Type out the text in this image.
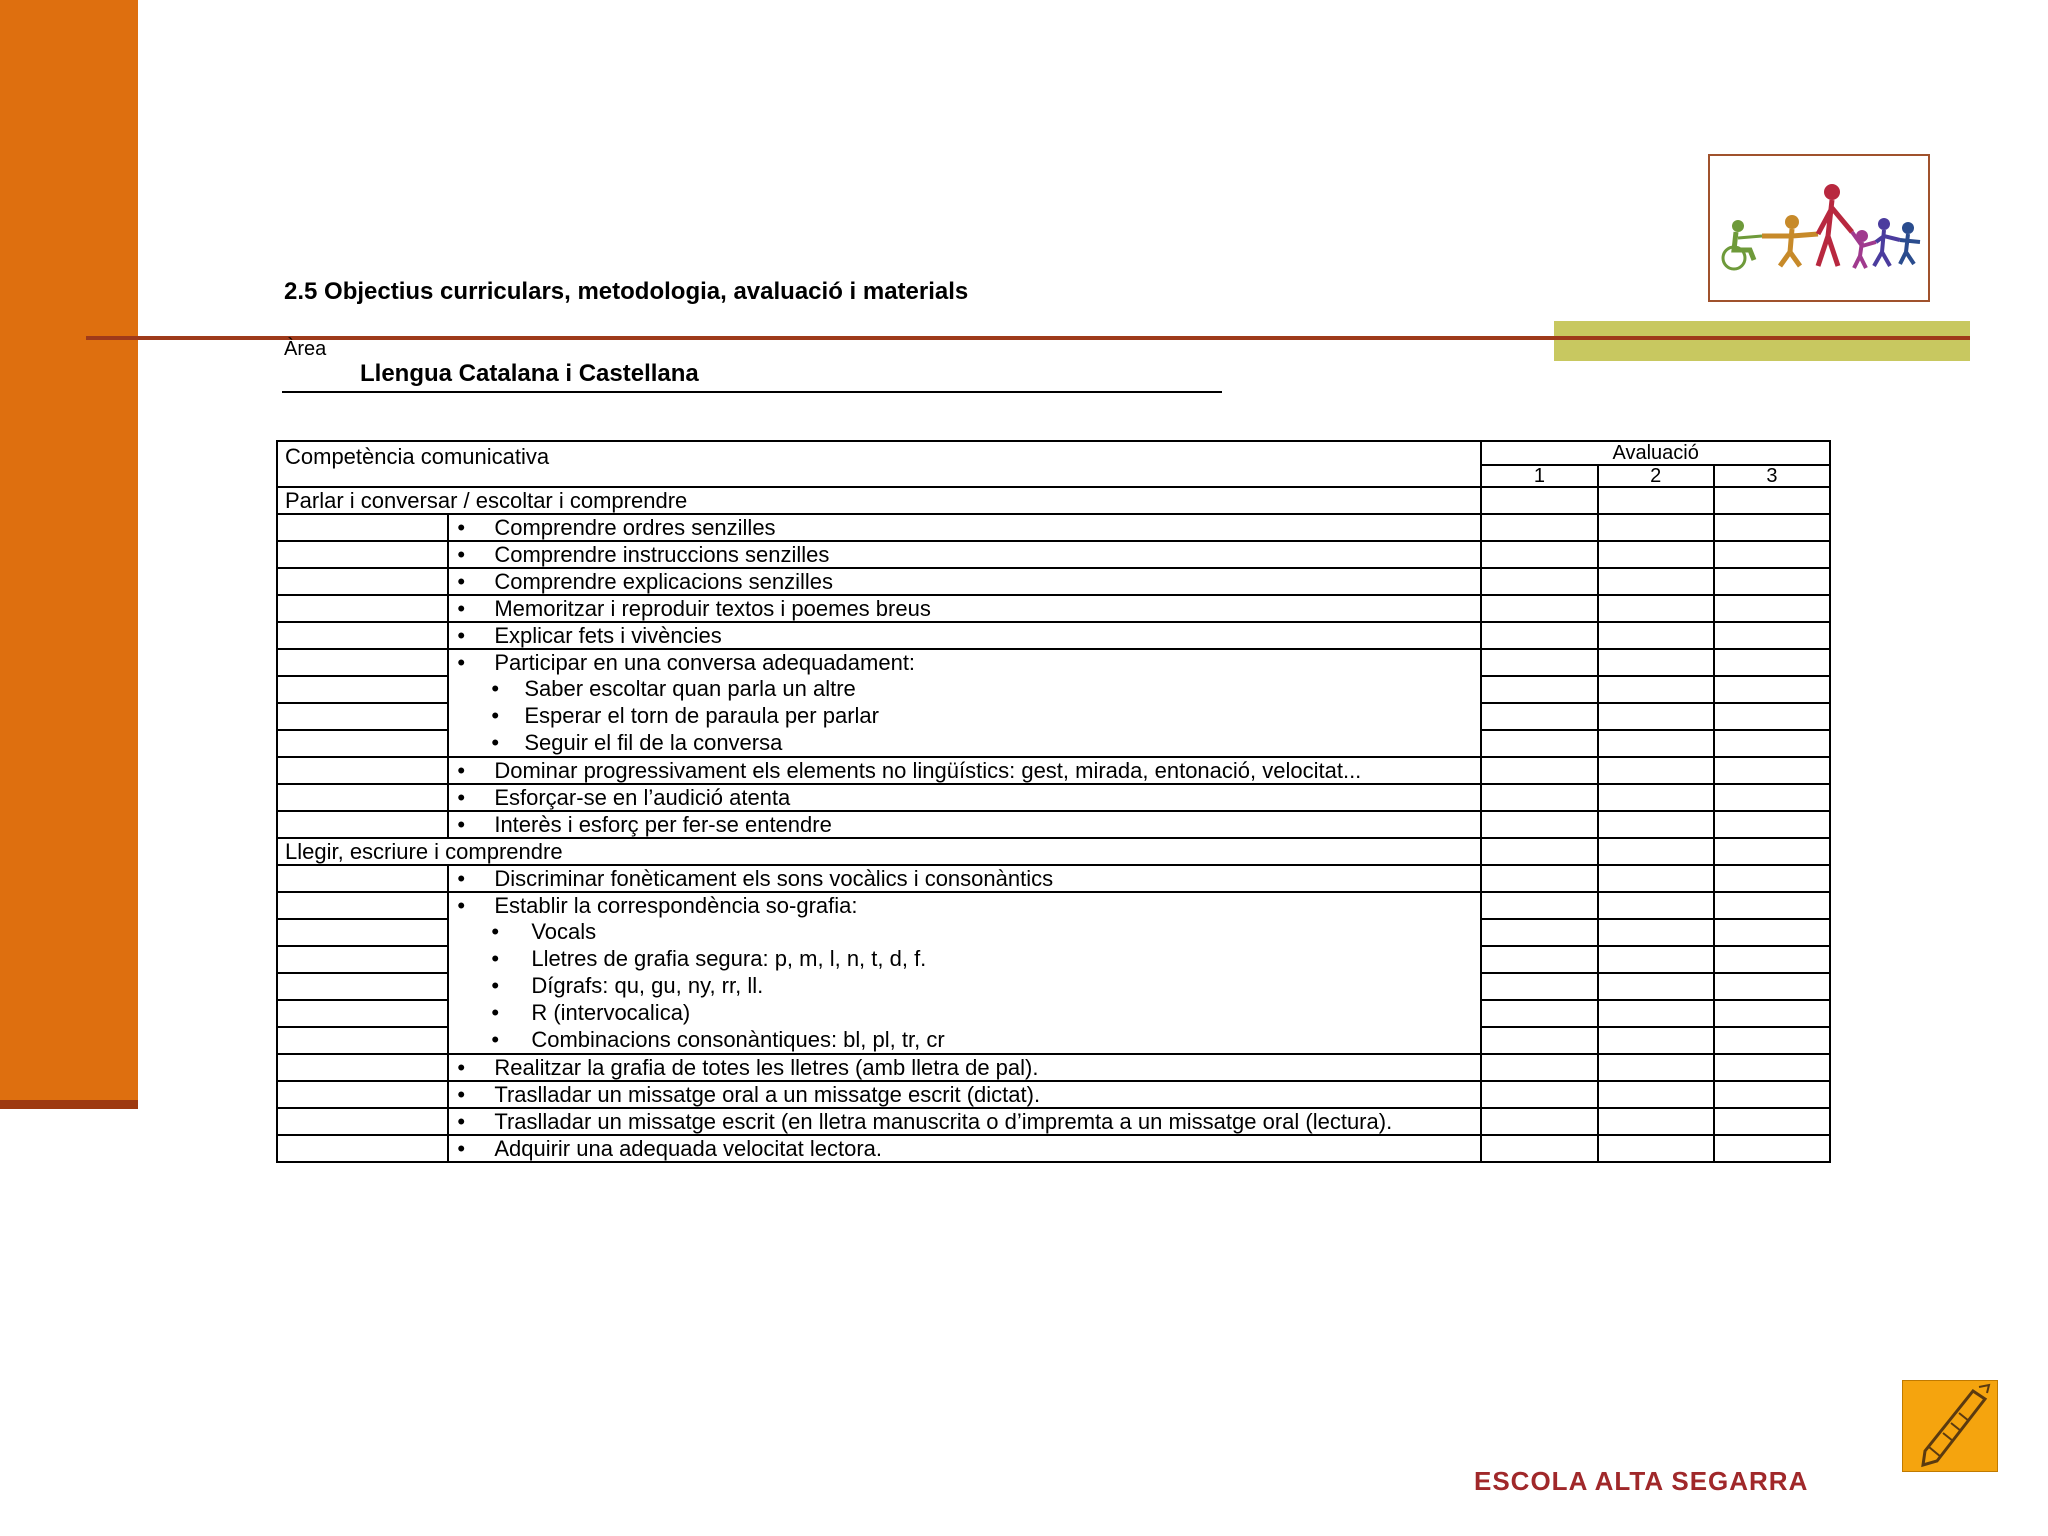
2.5 Objectius curriculars, metodologia, avaluació i materials
Àrea
Llengua Catalana i Castellana
Competència comunicativa		Avaluació		
		1	2	3
Parlar i conversar / escoltar i comprendre				

	• Comprendre ordres senzilles			

	• Comprendre instruccions senzilles			

	• Comprendre explicacions senzilles			

	• Memoritzar i reproduir textos i poemes breus			

	• Explicar fets i vivències			

	• Participar en una conversa adequadament:			

	• Saber escoltar quan parla un altre			

	• Esperar el torn de paraula per parlar			

	• Seguir el fil de la conversa			

	• Dominar progressivament els elements no lingüístics: gest, mirada, entonació, velocitat...			

	• Esforçar-se en l’audició atenta			

	• Interès i esforç per fer-se entendre			

Llegir, escriure i comprendre				

	• Discriminar fonèticament els sons vocàlics i consonàntics			

	• Establir la correspondència so-grafia:			

	• Vocals			

	• Lletres de grafia segura: p, m, l, n, t, d, f.			

	• Dígrafs: qu, gu, ny, rr, ll.			

	• R (intervocalica)			

	• Combinacions consonàntiques: bl, pl, tr, cr			

	• Realitzar la grafia de totes les lletres (amb lletra de pal).			

	• Traslladar un missatge oral a un missatge escrit (dictat).			

	• Traslladar un missatge escrit (en lletra manuscrita o d’impremta a un missatge oral (lectura).			

	• Adquirir una adequada velocitat lectora.			

ESCOLA ALTA SEGARRA
